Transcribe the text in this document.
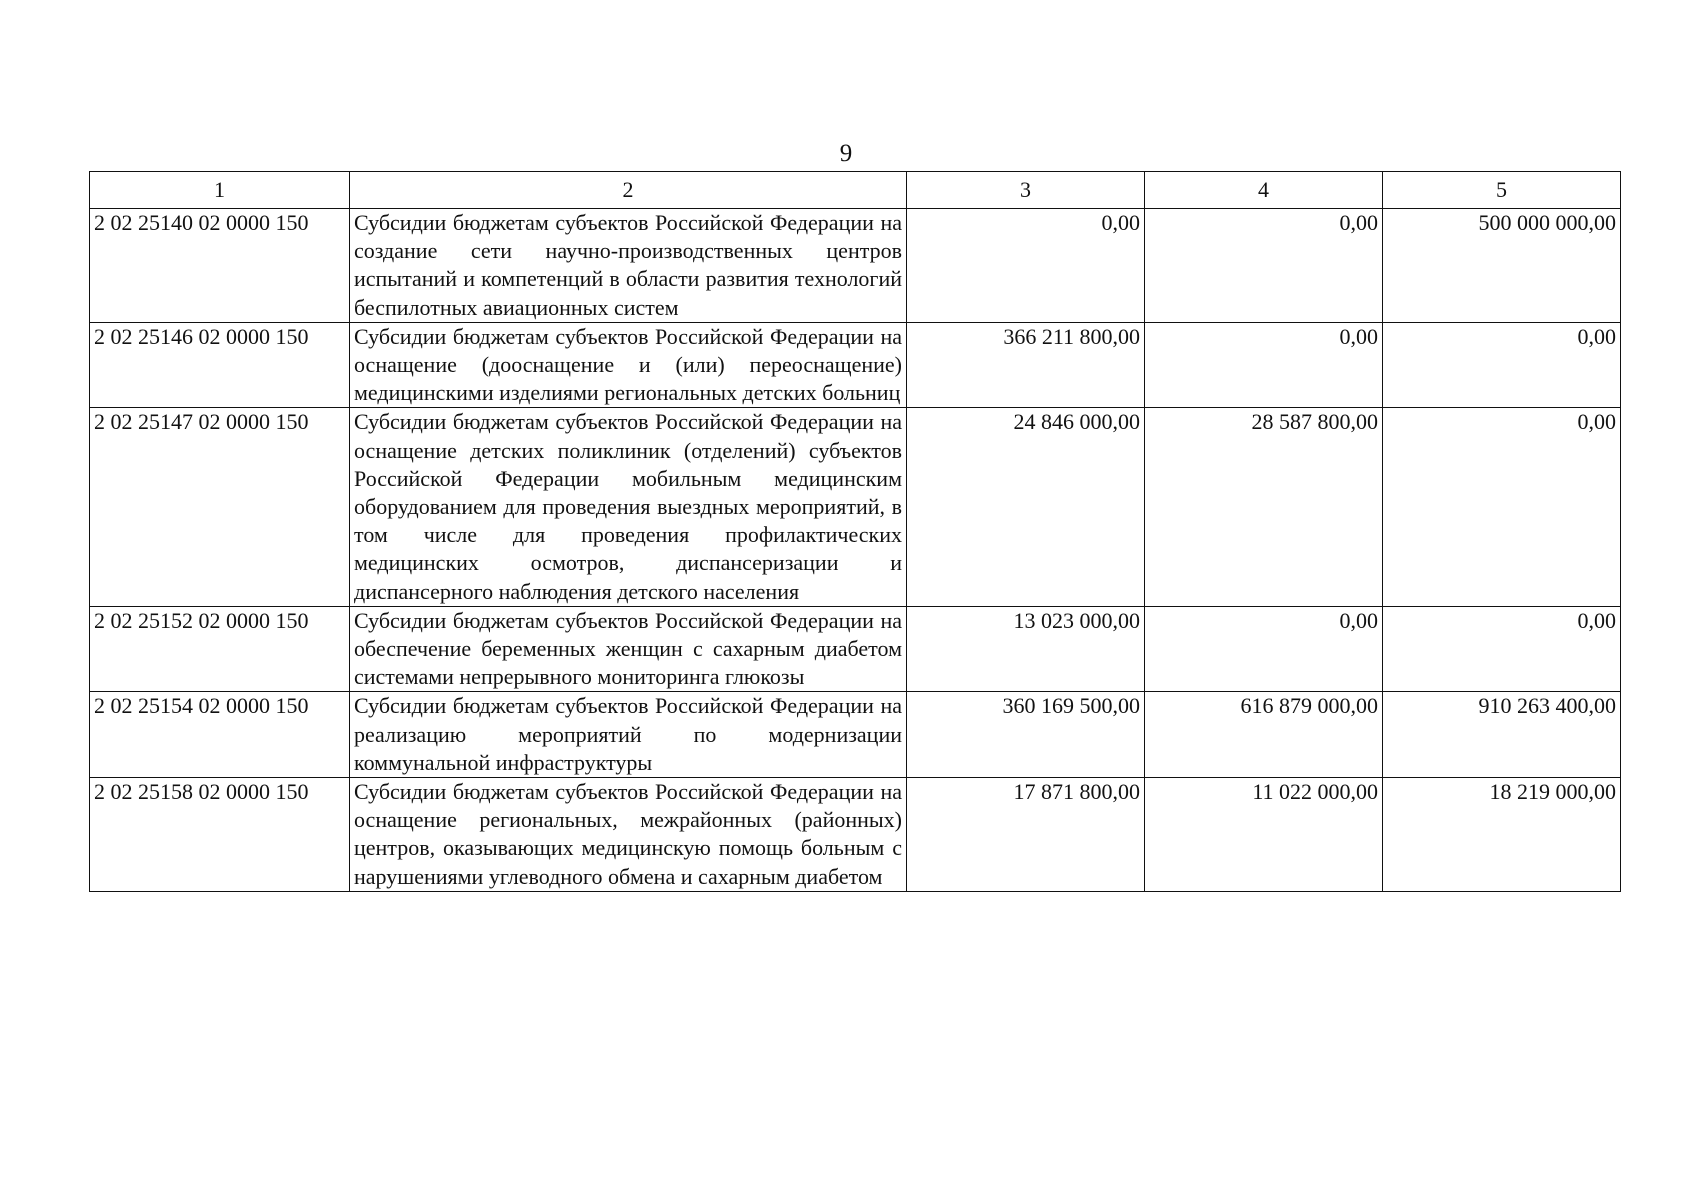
9
1	2	3	4	5
2 02 25140 02 0000 150	Субсидии бюджетам субъектов Российской Федерации на создание сети научно-производственных центров испытаний и компетенций в области развития технологий беспилотных авиационных систем	0,00	0,00	500 000 000,00
2 02 25146 02 0000 150	Субсидии бюджетам субъектов Российской Федерации на оснащение (дооснащение и (или) переоснащение) медицинскими изделиями региональных детских больниц	366 211 800,00	0,00	0,00
2 02 25147 02 0000 150	Субсидии бюджетам субъектов Российской Федерации на оснащение детских поликлиник (отделений) субъектов Российской Федерации мобильным медицинским оборудованием для проведения выездных мероприятий, в том числе для проведения профилактических медицинских осмотров, диспансеризации и диспансерного наблюдения детского населения	24 846 000,00	28 587 800,00	0,00
2 02 25152 02 0000 150	Субсидии бюджетам субъектов Российской Федерации на обеспечение беременных женщин с сахарным диабетом системами непрерывного мониторинга глюкозы	13 023 000,00	0,00	0,00
2 02 25154 02 0000 150	Субсидии бюджетам субъектов Российской Федерации на реализацию мероприятий по модернизации коммунальной инфраструктуры	360 169 500,00	616 879 000,00	910 263 400,00
2 02 25158 02 0000 150	Субсидии бюджетам субъектов Российской Федерации на оснащение региональных, межрайонных (районных) центров, оказывающих медицинскую помощь больным с нарушениями углеводного обмена и сахарным диабетом	17 871 800,00	11 022 000,00	18 219 000,00
